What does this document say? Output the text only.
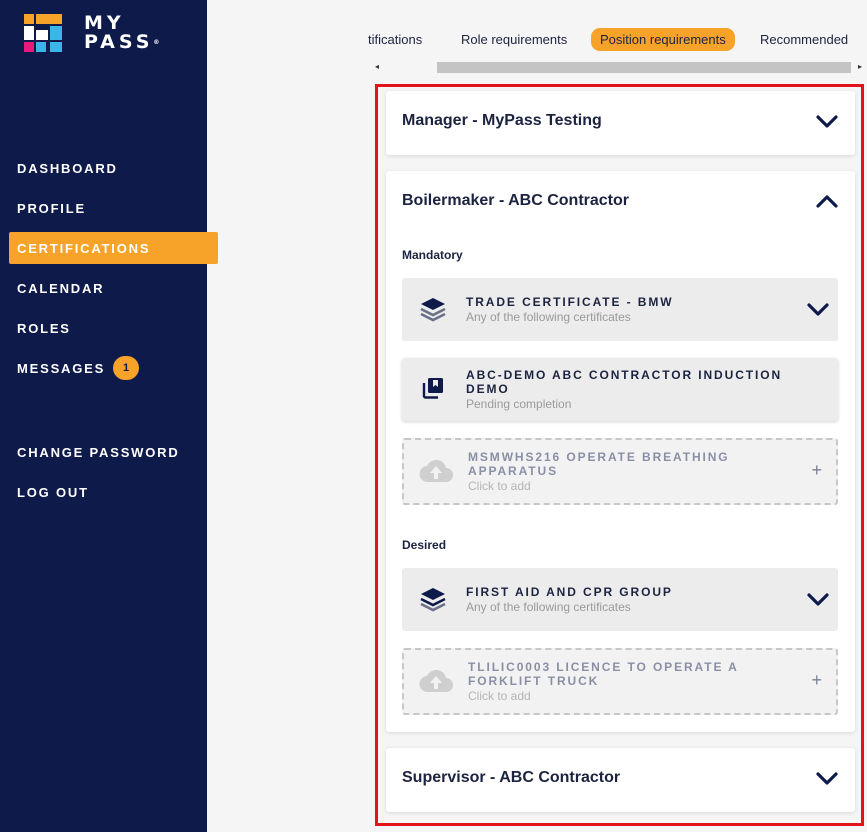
MY
PASS®
DASHBOARD
PROFILE
CERTIFICATIONS
CALENDAR
ROLES
MESSAGES	1
CHANGE PASSWORD
LOG OUT
tifications	Role requirements	Position requirements	Recommended
◂	▸
Manager - MyPass Testing
Boilermaker - ABC Contractor
Mandatory
TRADE CERTIFICATE - BMW
Any of the following certificates
ABC-DEMO ABC CONTRACTOR INDUCTION DEMO
Pending completion
MSMWHS216 OPERATE BREATHING APPARATUS
Click to add
+
Desired
FIRST AID AND CPR GROUP
Any of the following certificates
TLILIC0003 LICENCE TO OPERATE A FORKLIFT TRUCK
Click to add
+
Supervisor - ABC Contractor
